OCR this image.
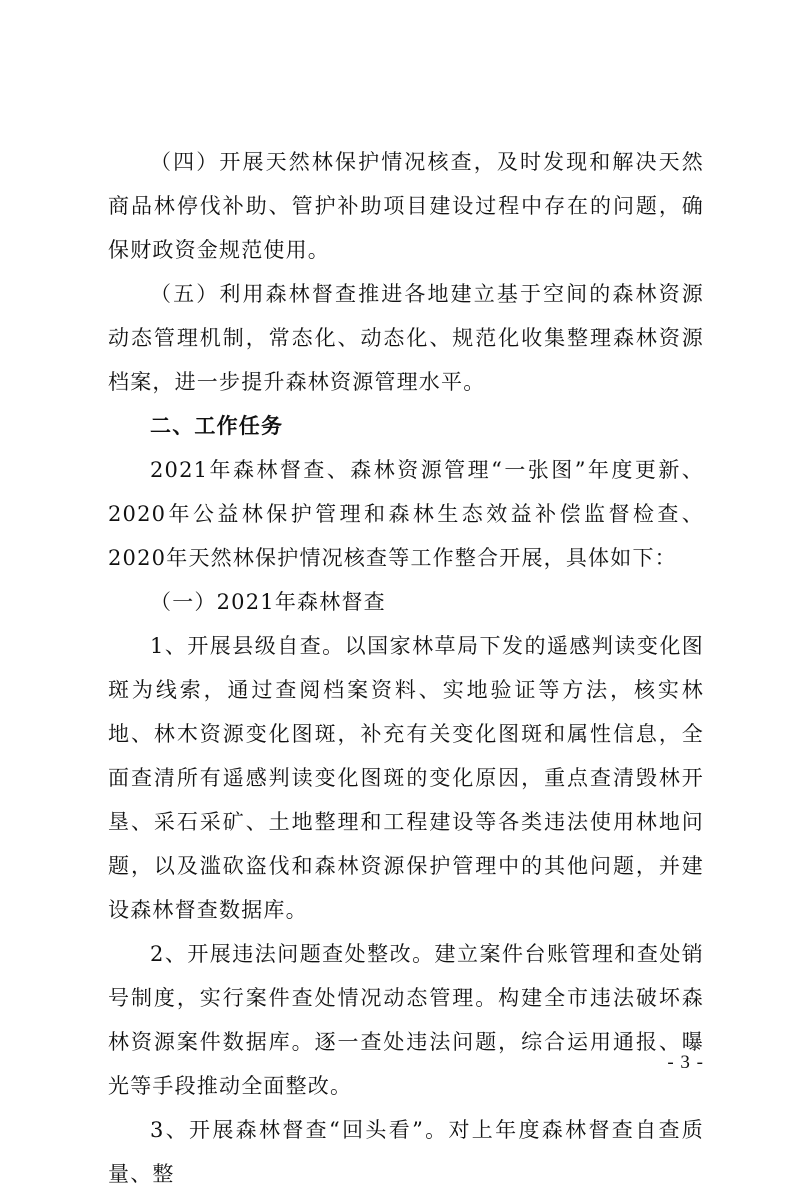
（四）开展天然林保护情况核查，及时发现和解决天然商品林停伐补助、管护补助项目建设过程中存在的问题，确保财政资金规范使用。

（五）利用森林督查推进各地建立基于空间的森林资源动态管理机制，常态化、动态化、规范化收集整理森林资源档案，进一步提升森林资源管理水平。

二、工作任务

2021年森林督查、森林资源管理“一张图”年度更新、2020年公益林保护管理和森林生态效益补偿监督检查、2020年天然林保护情况核查等工作整合开展，具体如下：

（一）2021年森林督查

1、开展县级自查。以国家林草局下发的遥感判读变化图斑为线索，通过查阅档案资料、实地验证等方法，核实林地、林木资源变化图斑，补充有关变化图斑和属性信息，全面查清所有遥感判读变化图斑的变化原因，重点查清毁林开垦、采石采矿、土地整理和工程建设等各类违法使用林地问题，以及滥砍盗伐和森林资源保护管理中的其他问题，并建设森林督查数据库。

2、开展违法问题查处整改。建立案件台账管理和查处销号制度，实行案件查处情况动态管理。构建全市违法破坏森林资源案件数据库。逐一查处违法问题，综合运用通报、曝光等手段推动全面整改。

3、开展森林督查“回头看”。对上年度森林督查自查质量、整

- 3 -
